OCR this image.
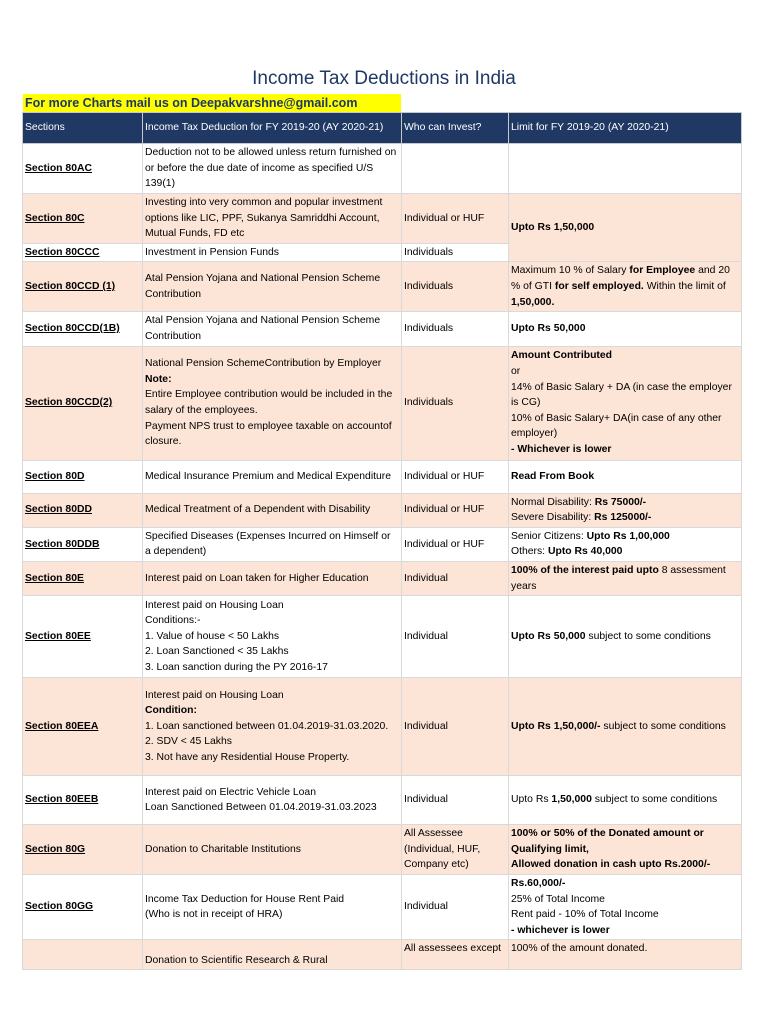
Income Tax Deductions in India
For more Charts mail us on Deepakvarshne@gmail.com
Sections	Income Tax Deduction for FY 2019-20 (AY 2020-21)	Who can Invest?	Limit for FY 2019-20 (AY 2020-21)
Section 80AC	Deduction not to be allowed unless return furnished on or before the due date of income as specified U/S 139(1)		
Section 80C	Investing into very common and popular investment options like LIC, PPF, Sukanya Samriddhi Account, Mutual Funds, FD etc	Individual or HUF	Upto Rs 1,50,000
Section 80CCC	Investment in Pension Funds	Individuals	
Section 80CCD (1)	Atal Pension Yojana and National Pension Scheme Contribution	Individuals	Maximum 10 % of Salary for Employee and 20 % of GTI for self employed. Within the limit of 1,50,000.
Section 80CCD(1B)	Atal Pension Yojana and National Pension Scheme Contribution	Individuals	Upto Rs 50,000
Section 80CCD(2)	National Pension SchemeContribution by Employer
Note:
Entire Employee contribution would be included in the salary of the employees.
Payment NPS trust to employee taxable on accountof closure.	Individuals	Amount Contributed
or
14% of Basic Salary + DA (in case the employer is CG)
10% of Basic Salary+ DA(in case of any other employer)
- Whichever is lower

Section 80D	Medical Insurance Premium and Medical Expenditure	Individual or HUF	Read From Book
Section 80DD	Medical Treatment of a Dependent with Disability	Individual or HUF	Normal Disability: Rs 75000/-
Severe Disability: Rs 125000/-

Section 80DDB	Specified Diseases (Expenses Incurred on Himself or a dependent)	Individual or HUF	Senior Citizens: Upto Rs 1,00,000
Others: Upto Rs 40,000

Section 80E	Interest paid on Loan taken for Higher Education	Individual	100% of the interest paid upto 8 assessment years
Section 80EE	Interest paid on Housing Loan
Conditions:-
1. Value of house < 50 Lakhs
2. Loan Sanctioned < 35 Lakhs
3. Loan sanction during the PY 2016-17	Individual	Upto Rs 50,000 subject to some conditions
Section 80EEA	Interest paid on Housing Loan
Condition:
1. Loan sanctioned between 01.04.2019-31.03.2020.
2. SDV < 45 Lakhs
3. Not have any Residential House Property.	Individual	Upto Rs 1,50,000/- subject to some conditions
Section 80EEB	Interest paid on Electric Vehicle Loan
Loan Sanctioned Between 01.04.2019-31.03.2023	Individual	Upto Rs 1,50,000 subject to some conditions
Section 80G	Donation to Charitable Institutions	All Assessee
(Individual, HUF,
Company etc)	100% or 50% of the Donated amount or Qualifying limit,
Allowed donation in cash upto Rs.2000/-

Section 80GG	Income Tax Deduction for House Rent Paid
(Who is not in receipt of HRA)	Individual	Rs.60,000/-
25% of Total Income
Rent paid - 10% of Total Income
- whichever is lower

	Donation to Scientific Research & Rural	All assessees except	100% of the amount donated.
